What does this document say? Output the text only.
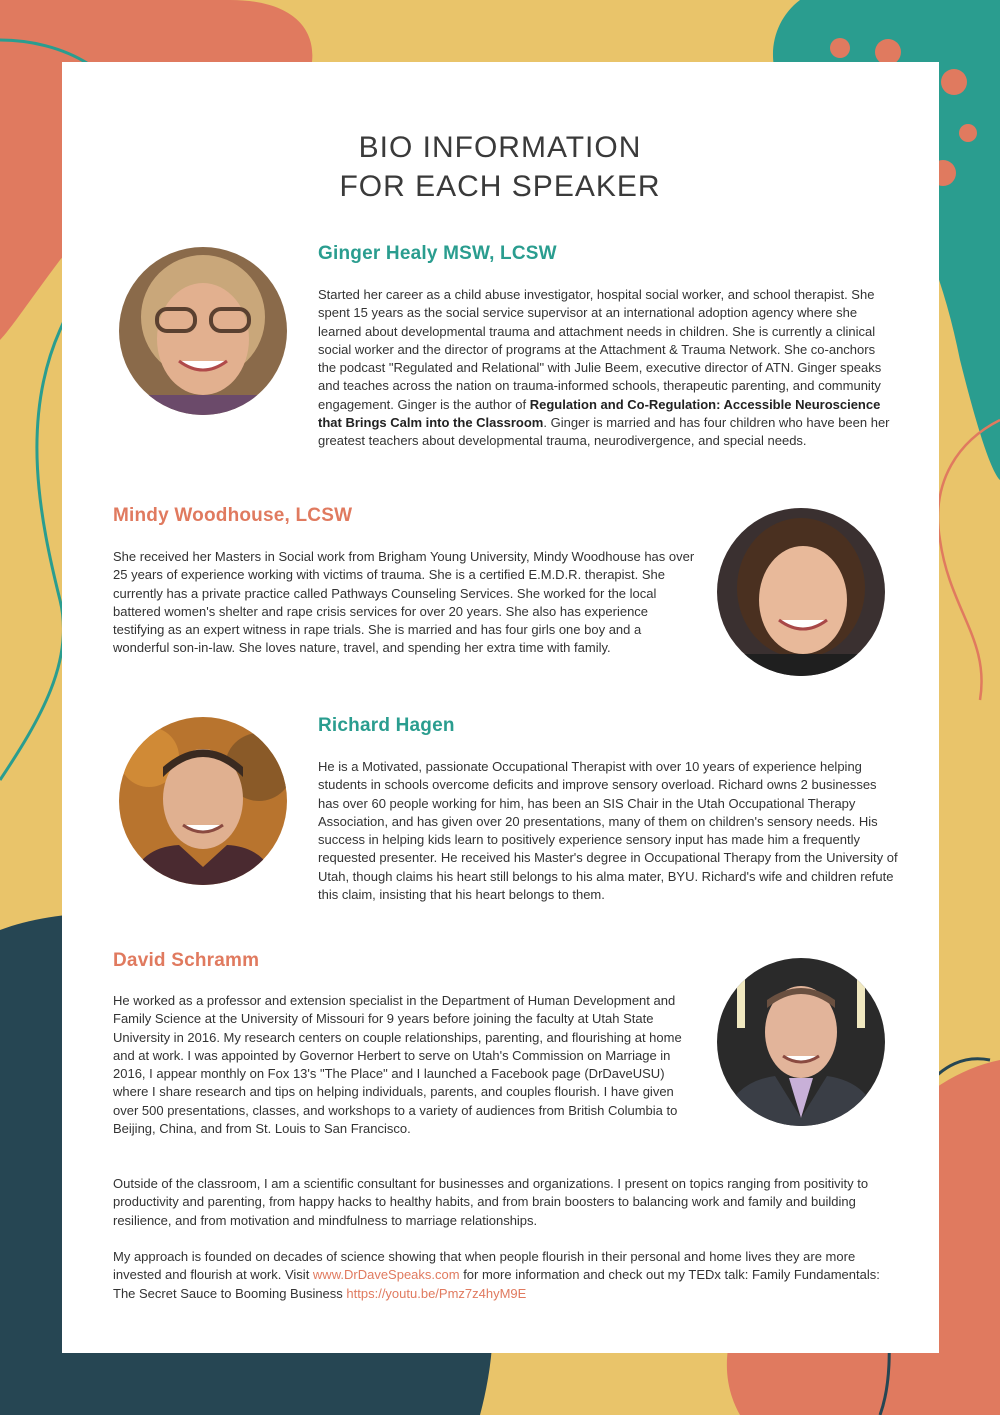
BIO INFORMATION
FOR EACH SPEAKER
Ginger Healy MSW, LCSW

Started her career as a child abuse investigator, hospital social worker, and school therapist. She spent 15 years as the social service supervisor at an international adoption agency where she learned about developmental trauma and attachment needs in children. She is currently a clinical social worker and the director of programs at the Attachment & Trauma Network. She co-anchors the podcast "Regulated and Relational" with Julie Beem, executive director of ATN. Ginger speaks and teaches across the nation on trauma-informed schools, therapeutic parenting, and community engagement. Ginger is the author of Regulation and Co-Regulation: Accessible Neuroscience that Brings Calm into the Classroom. Ginger is married and has four children who have been her greatest teachers about developmental trauma, neurodivergence, and special needs.

Mindy Woodhouse, LCSW

She received her Masters in Social work from Brigham Young University, Mindy Woodhouse has over 25 years of experience working with victims of trauma. She is a certified E.M.D.R. therapist. She currently has a private practice called Pathways Counseling Services. She worked for the local battered women's shelter and rape crisis services for over 20 years. She also has experience testifying as an expert witness in rape trials. She is married and has four girls one boy and a wonderful son-in-law. She loves nature, travel, and spending her extra time with family.

Richard Hagen

He is a Motivated, passionate Occupational Therapist with over 10 years of experience helping students in schools overcome deficits and improve sensory overload. Richard owns 2 businesses has over 60 people working for him, has been an SIS Chair in the Utah Occupational Therapy Association, and has given over 20 presentations, many of them on children's sensory needs. His success in helping kids learn to positively experience sensory input has made him a frequently requested presenter. He received his Master's degree in Occupational Therapy from the University of Utah, though claims his heart still belongs to his alma mater, BYU. Richard's wife and children refute this claim, insisting that his heart belongs to them.

David Schramm

He worked as a professor and extension specialist in the Department of Human Development and Family Science at the University of Missouri for 9 years before joining the faculty at Utah State University in 2016. My research centers on couple relationships, parenting, and flourishing at home and at work. I was appointed by Governor Herbert to serve on Utah's Commission on Marriage in 2016, I appear monthly on Fox 13's "The Place" and I launched a Facebook page (DrDaveUSU) where I share research and tips on helping individuals, parents, and couples flourish. I have given over 500 presentations, classes, and workshops to a variety of audiences from British Columbia to Beijing, China, and from St. Louis to San Francisco.

Outside of the classroom, I am a scientific consultant for businesses and organizations. I present on topics ranging from positivity to productivity and parenting, from happy hacks to healthy habits, and from brain boosters to balancing work and family and building resilience, and from motivation and mindfulness to marriage relationships.

My approach is founded on decades of science showing that when people flourish in their personal and home lives they are more invested and flourish at work. Visit www.DrDaveSpeaks.com for more information and check out my TEDx talk: Family Fundamentals: The Secret Sauce to Booming Business https://youtu.be/Pmz7z4hyM9E
